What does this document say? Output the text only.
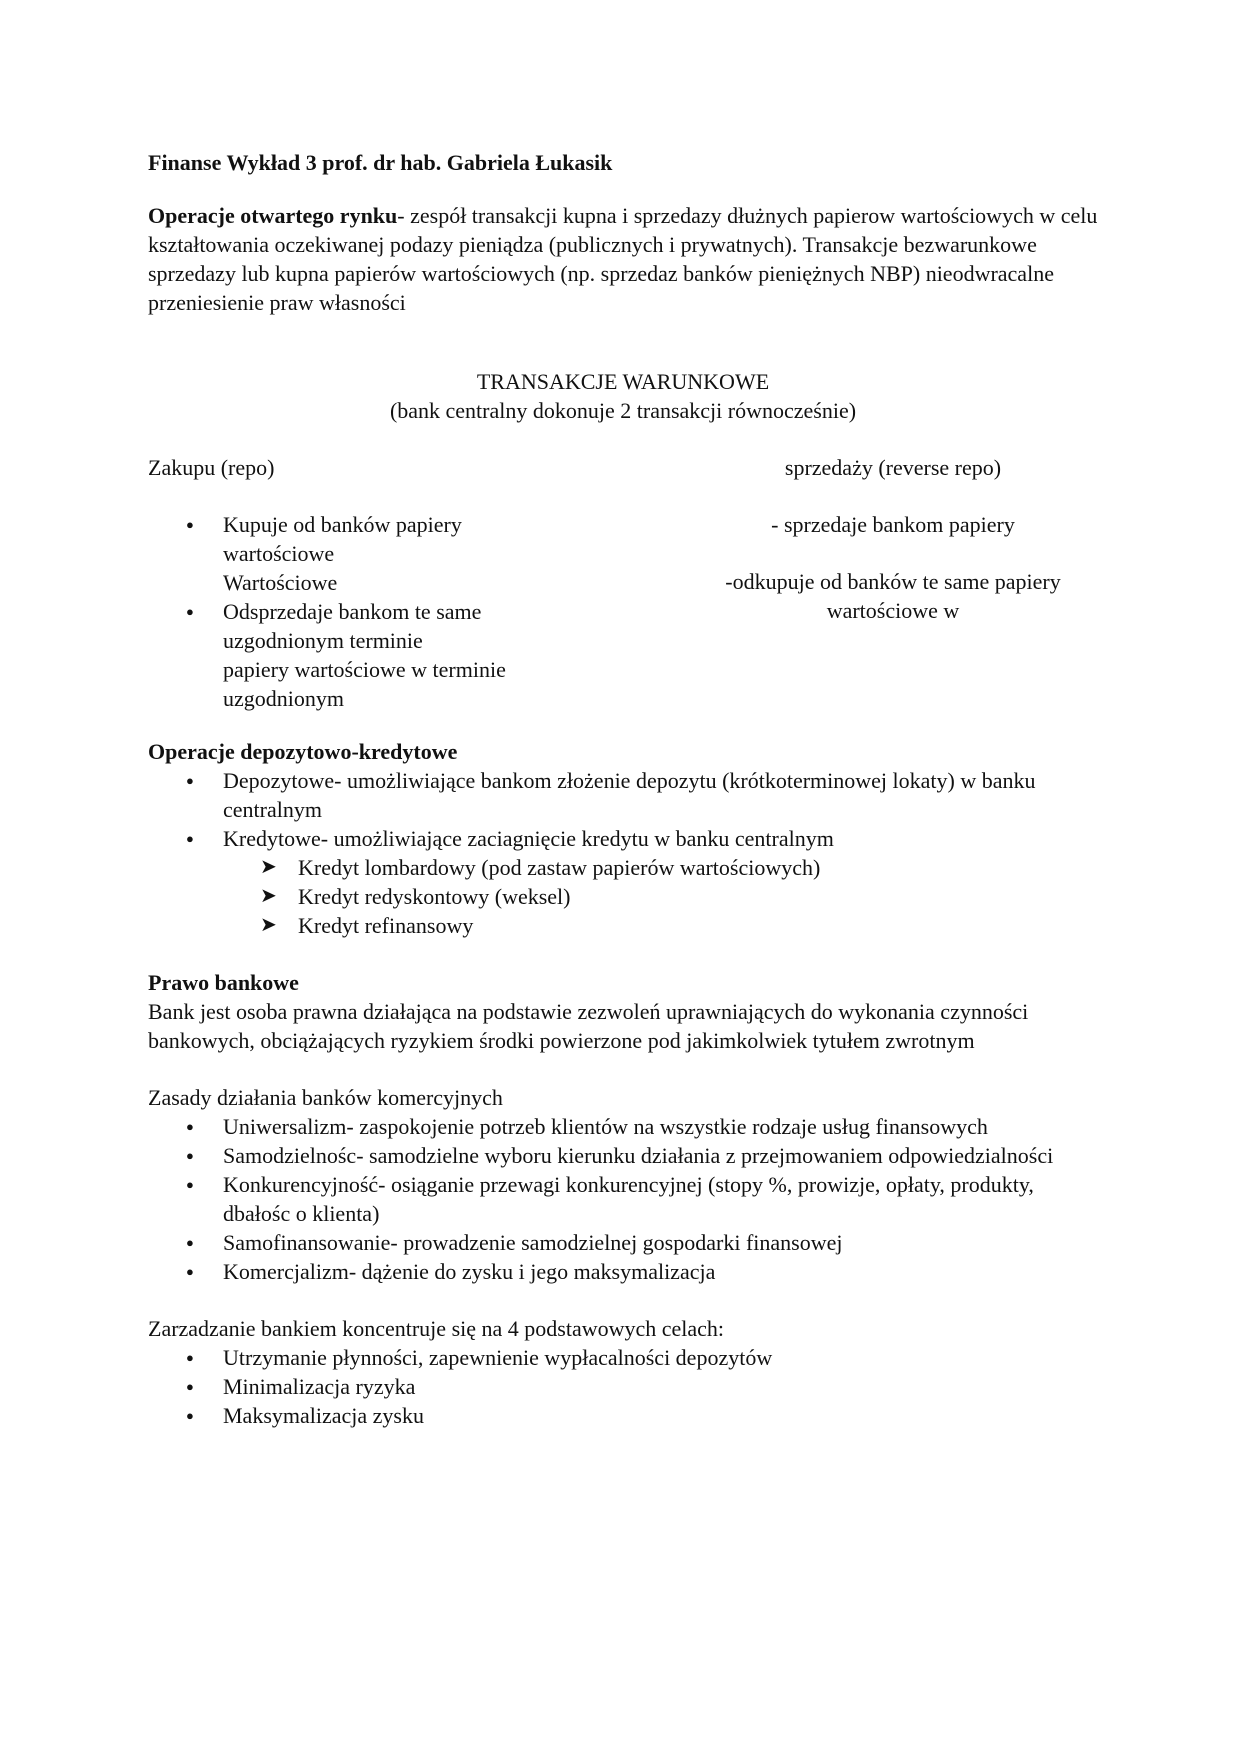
Finanse Wykład 3 prof. dr hab. Gabriela Łukasik

Operacje otwartego rynku- zespół transakcji kupna i sprzedazy dłużnych papierow wartościowych w celu kształtowania oczekiwanej podazy pieniądza (publicznych i prywatnych). Transakcje bezwarunkowe sprzedazy lub kupna papierów wartościowych (np. sprzedaz banków pieniężnych NBP) nieodwracalne przeniesienie praw własności

TRANSAKCJE WARUNKOWE

(bank centralny dokonuje 2 transakcji równocześnie)

Zakupu (repo)

● Kupuje od banków papiery wartościowe
Wartościowe
● Odsprzedaje bankom te same uzgodnionym terminie
papiery wartościowe w terminie
uzgodnionym

sprzedaży (reverse repo)

- sprzedaje bankom papiery

-odkupuje od banków te same papiery

wartościowe w

Operacje depozytowo-kredytowe

● Depozytowe- umożliwiające bankom złożenie depozytu (krótkoterminowej lokaty) w banku centralnym
● Kredytowe- umożliwiające zaciagnięcie kredytu w banku centralnym
➤ Kredyt lombardowy (pod zastaw papierów wartościowych)
➤ Kredyt redyskontowy (weksel)
➤ Kredyt refinansowy

Prawo bankowe

Bank jest osoba prawna działająca na podstawie zezwoleń uprawniających do wykonania czynności bankowych, obciążających ryzykiem środki powierzone pod jakimkolwiek tytułem zwrotnym

Zasady działania banków komercyjnych

● Uniwersalizm- zaspokojenie potrzeb klientów na wszystkie rodzaje usług finansowych
● Samodzielnośc- samodzielne wyboru kierunku działania z przejmowaniem odpowiedzialności
● Konkurencyjność- osiąganie przewagi konkurencyjnej (stopy %, prowizje, opłaty, produkty, dbałośc o klienta)
● Samofinansowanie- prowadzenie samodzielnej gospodarki finansowej
● Komercjalizm- dążenie do zysku i jego maksymalizacja

Zarzadzanie bankiem koncentruje się na 4 podstawowych celach:

● Utrzymanie płynności, zapewnienie wypłacalności depozytów
● Minimalizacja ryzyka
● Maksymalizacja zysku
